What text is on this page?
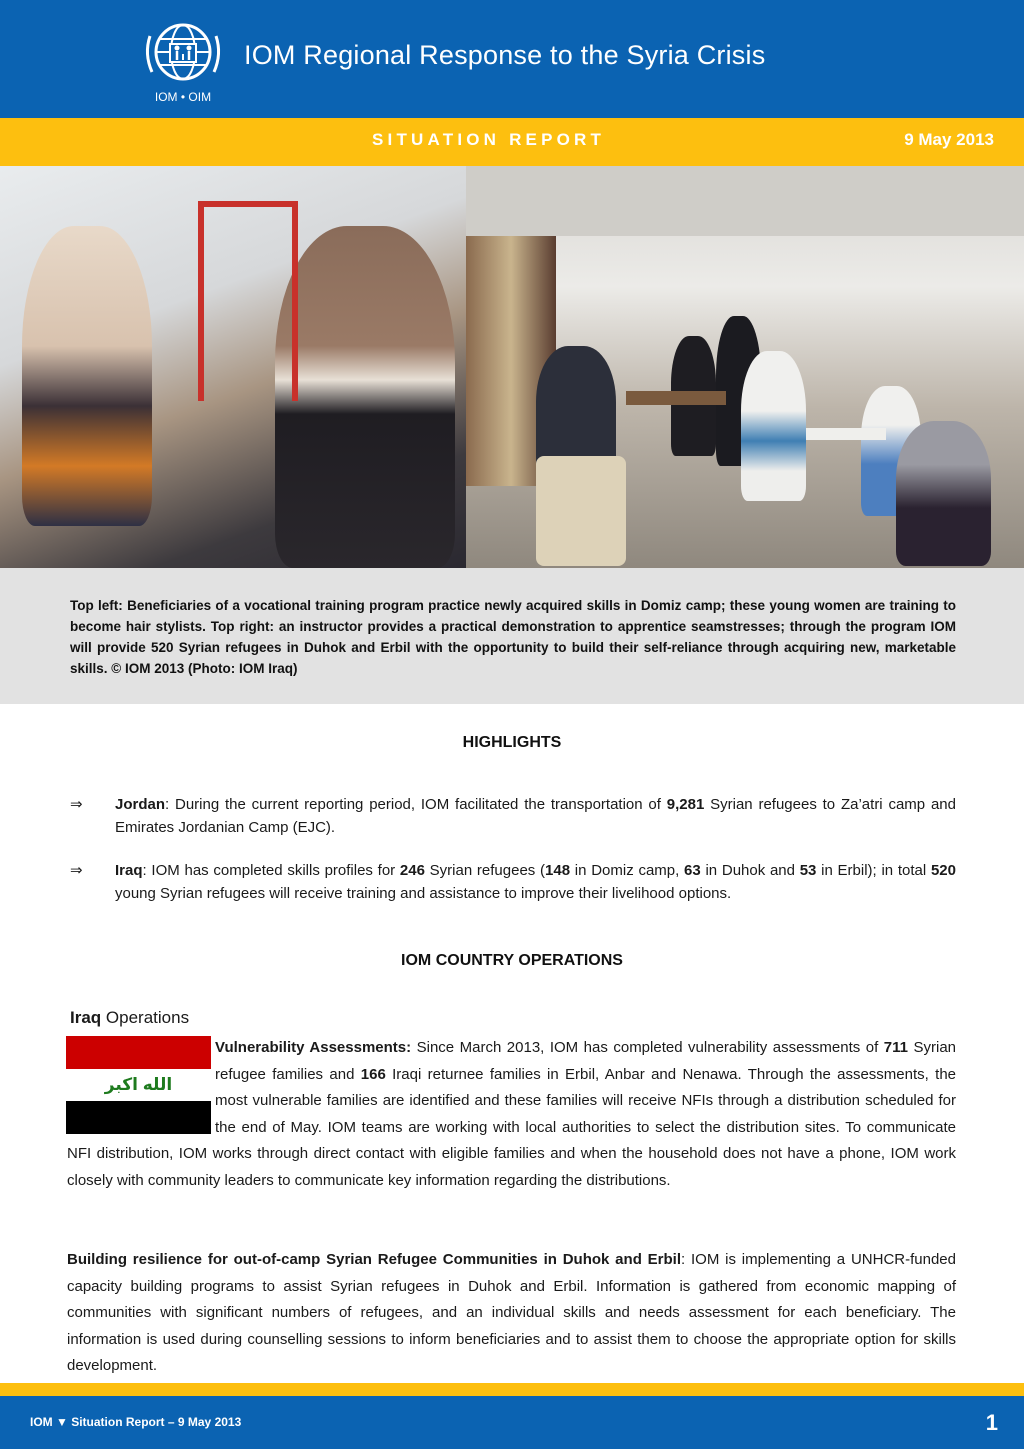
IOM • OIM
IOM Regional Response to the Syria Crisis
SITUATION REPORT	9 May 2013

Top left: Beneficiaries of a vocational training program practice newly acquired skills in Domiz camp; these young women are training to become hair stylists. Top right: an instructor provides a practical demonstration to apprentice seamstresses; through the program IOM will provide 520 Syrian refugees in Duhok and Erbil with the opportunity to build their self-reliance through acquiring new, marketable skills. © IOM 2013 (Photo: IOM Iraq)

HIGHLIGHTS
⇒ Jordan: During the current reporting period, IOM facilitated the transportation of 9,281 Syrian refugees to Za’atri camp and Emirates Jordanian Camp (EJC).

⇒ Iraq: IOM has completed skills profiles for 246 Syrian refugees (148 in Domiz camp, 63 in Duhok and 53 in Erbil); in total 520 young Syrian refugees will receive training and assistance to improve their livelihood options.

IOM COUNTRY OPERATIONS
Iraq Operations
الله اكبر

Vulnerability Assessments: Since March 2013, IOM has completed vulnerability assessments of 711 Syrian refugee families and 166 Iraqi returnee families in Erbil, Anbar and Nenawa. Through the assessments, the most vulnerable families are identified and these families will receive NFIs through a distribution scheduled for the end of May. IOM teams are working with local authorities to select the distribution sites. To communicate NFI distribution, IOM works through direct contact with eligible families and when the household does not have a phone, IOM work closely with community leaders to communicate key information regarding the distributions.

Building resilience for out-of-camp Syrian Refugee Communities in Duhok and Erbil: IOM is implementing a UNHCR-funded capacity building programs to assist Syrian refugees in Duhok and Erbil. Information is gathered from economic mapping of communities with significant numbers of refugees, and an individual skills and needs assessment for each beneficiary. The information is used during counselling sessions to inform beneficiaries and to assist them to choose the appropriate option for skills development.

IOM ▼ Situation Report – 9 May 2013	1
